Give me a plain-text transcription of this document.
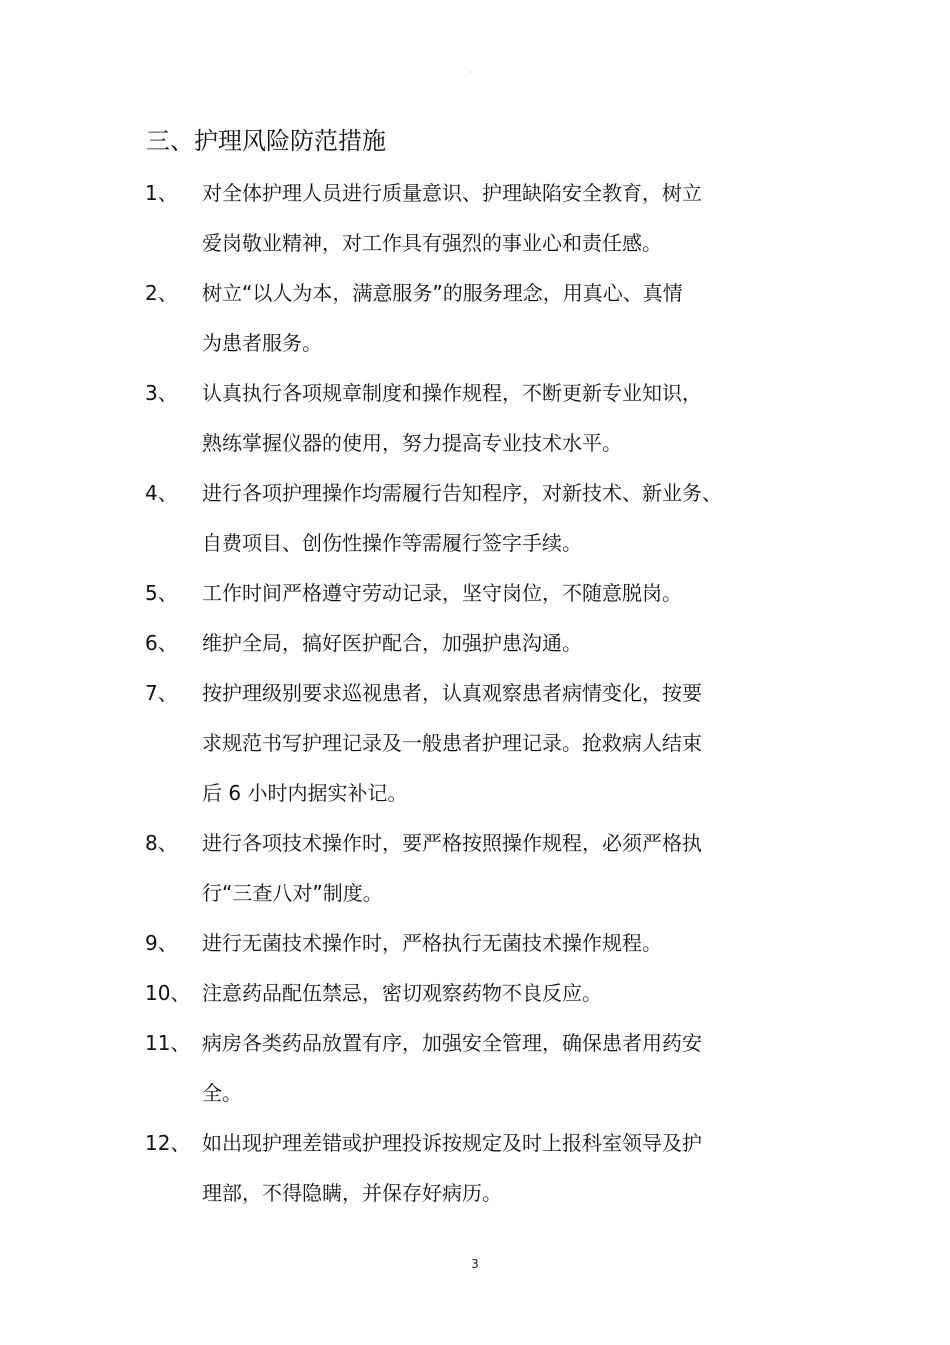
·
三、护理风险防范措施
1、 对全体护理人员进行质量意识、护理缺陷安全教育，树立
爱岗敬业精神，对工作具有强烈的事业心和责任感。
2、 树立“以人为本，满意服务”的服务理念，用真心、真情
为患者服务。
3、 认真执行各项规章制度和操作规程，不断更新专业知识，
熟练掌握仪器的使用，努力提高专业技术水平。
4、 进行各项护理操作均需履行告知程序，对新技术、新业务、
自费项目、创伤性操作等需履行签字手续。
5、 工作时间严格遵守劳动记录，坚守岗位，不随意脱岗。
6、 维护全局，搞好医护配合，加强护患沟通。
7、 按护理级别要求巡视患者，认真观察患者病情变化，按要
求规范书写护理记录及一般患者护理记录。抢救病人结束
后 6 小时内据实补记。
8、 进行各项技术操作时，要严格按照操作规程，必须严格执
行“三查八对”制度。
9、 进行无菌技术操作时，严格执行无菌技术操作规程。
10、 注意药品配伍禁忌，密切观察药物不良反应。
11、 病房各类药品放置有序，加强安全管理，确保患者用药安
全。
12、 如出现护理差错或护理投诉按规定及时上报科室领导及护
理部，不得隐瞒，并保存好病历。
3
